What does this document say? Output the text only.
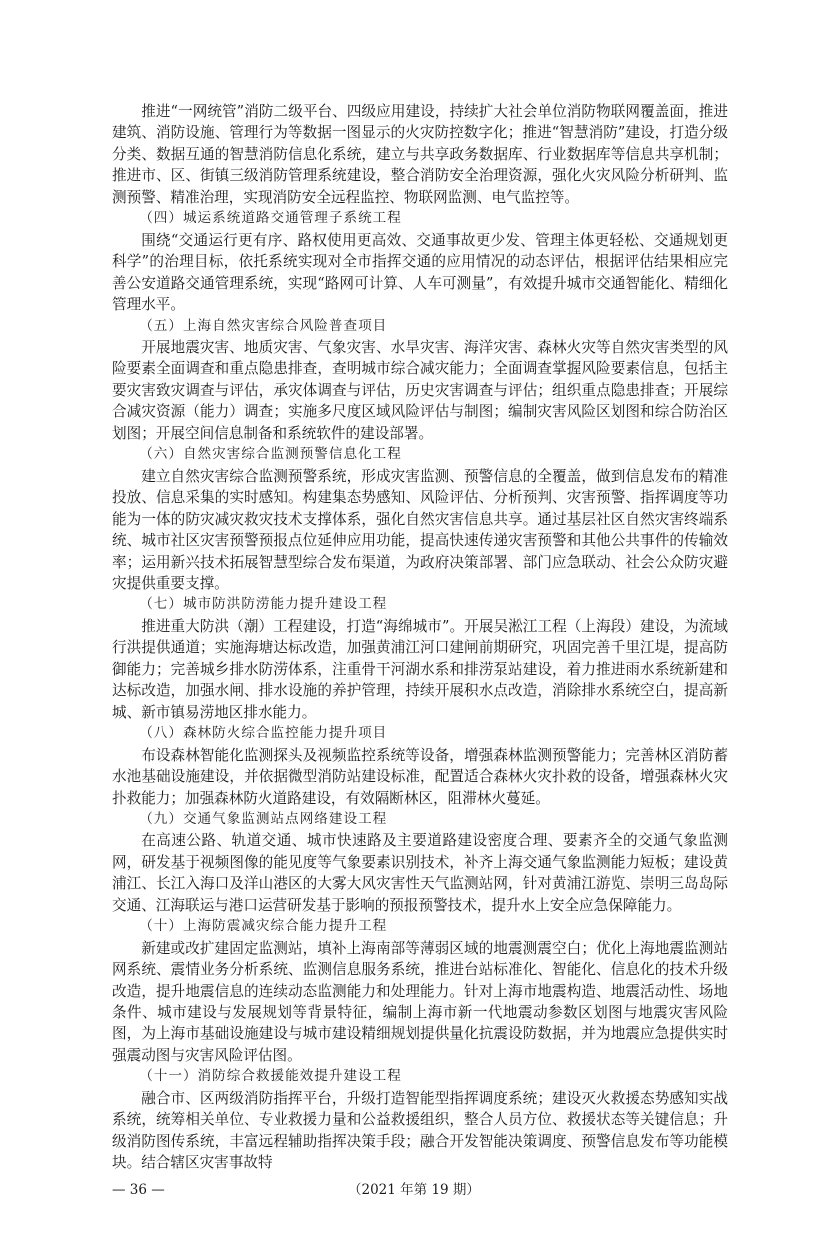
推进“一网统管”消防二级平台、四级应用建设，持续扩大社会单位消防物联网覆盖面，推进建筑、消防设施、管理行为等数据一图显示的火灾防控数字化；推进“智慧消防”建设，打造分级分类、数据互通的智慧消防信息化系统，建立与共享政务数据库、行业数据库等信息共享机制；推进市、区、街镇三级消防管理系统建设，整合消防安全治理资源，强化火灾风险分析研判、监测预警、精准治理，实现消防安全远程监控、物联网监测、电气监控等。

（四）城运系统道路交通管理子系统工程

围绕“交通运行更有序、路权使用更高效、交通事故更少发、管理主体更轻松、交通规划更科学”的治理目标，依托系统实现对全市指挥交通的应用情况的动态评估，根据评估结果相应完善公安道路交通管理系统，实现“路网可计算、人车可测量”，有效提升城市交通智能化、精细化管理水平。

（五）上海自然灾害综合风险普查项目

开展地震灾害、地质灾害、气象灾害、水旱灾害、海洋灾害、森林火灾等自然灾害类型的风险要素全面调查和重点隐患排查，查明城市综合减灾能力；全面调查掌握风险要素信息，包括主要灾害致灾调查与评估，承灾体调查与评估，历史灾害调查与评估；组织重点隐患排查；开展综合减灾资源（能力）调查；实施多尺度区域风险评估与制图；编制灾害风险区划图和综合防治区划图；开展空间信息制备和系统软件的建设部署。

（六）自然灾害综合监测预警信息化工程

建立自然灾害综合监测预警系统，形成灾害监测、预警信息的全覆盖，做到信息发布的精准投放、信息采集的实时感知。构建集态势感知、风险评估、分析预判、灾害预警、指挥调度等功能为一体的防灾减灾救灾技术支撑体系，强化自然灾害信息共享。通过基层社区自然灾害终端系统、城市社区灾害预警预报点位延伸应用功能，提高快速传递灾害预警和其他公共事件的传输效率；运用新兴技术拓展智慧型综合发布渠道，为政府决策部署、部门应急联动、社会公众防灾避灾提供重要支撑。

（七）城市防洪防涝能力提升建设工程

推进重大防洪（潮）工程建设，打造“海绵城市”。开展吴淞江工程（上海段）建设，为流域行洪提供通道；实施海塘达标改造，加强黄浦江河口建闸前期研究，巩固完善千里江堤，提高防御能力；完善城乡排水防涝体系，注重骨干河湖水系和排涝泵站建设，着力推进雨水系统新建和达标改造，加强水闸、排水设施的养护管理，持续开展积水点改造，消除排水系统空白，提高新城、新市镇易涝地区排水能力。

（八）森林防火综合监控能力提升项目

布设森林智能化监测探头及视频监控系统等设备，增强森林监测预警能力；完善林区消防蓄水池基础设施建设，并依据微型消防站建设标准，配置适合森林火灾扑救的设备，增强森林火灾扑救能力；加强森林防火道路建设，有效隔断林区，阻滞林火蔓延。

（九）交通气象监测站点网络建设工程

在高速公路、轨道交通、城市快速路及主要道路建设密度合理、要素齐全的交通气象监测网，研发基于视频图像的能见度等气象要素识别技术，补齐上海交通气象监测能力短板；建设黄浦江、长江入海口及洋山港区的大雾大风灾害性天气监测站网，针对黄浦江游览、崇明三岛岛际交通、江海联运与港口运营研发基于影响的预报预警技术，提升水上安全应急保障能力。

（十）上海防震减灾综合能力提升工程

新建或改扩建固定监测站，填补上海南部等薄弱区域的地震测震空白；优化上海地震监测站网系统、震情业务分析系统、监测信息服务系统，推进台站标准化、智能化、信息化的技术升级改造，提升地震信息的连续动态监测能力和处理能力。针对上海市地震构造、地震活动性、场地条件、城市建设与发展规划等背景特征，编制上海市新一代地震动参数区划图与地震灾害风险图，为上海市基础设施建设与城市建设精细规划提供量化抗震设防数据，并为地震应急提供实时强震动图与灾害风险评估图。

（十一）消防综合救援能效提升建设工程

融合市、区两级消防指挥平台，升级打造智能型指挥调度系统；建设灭火救援态势感知实战系统，统筹相关单位、专业救援力量和公益救援组织，整合人员方位、救援状态等关键信息；升级消防图传系统，丰富远程辅助指挥决策手段；融合开发智能决策调度、预警信息发布等功能模块。结合辖区灾害事故特

— 36 —	（2021 年第 19 期）
